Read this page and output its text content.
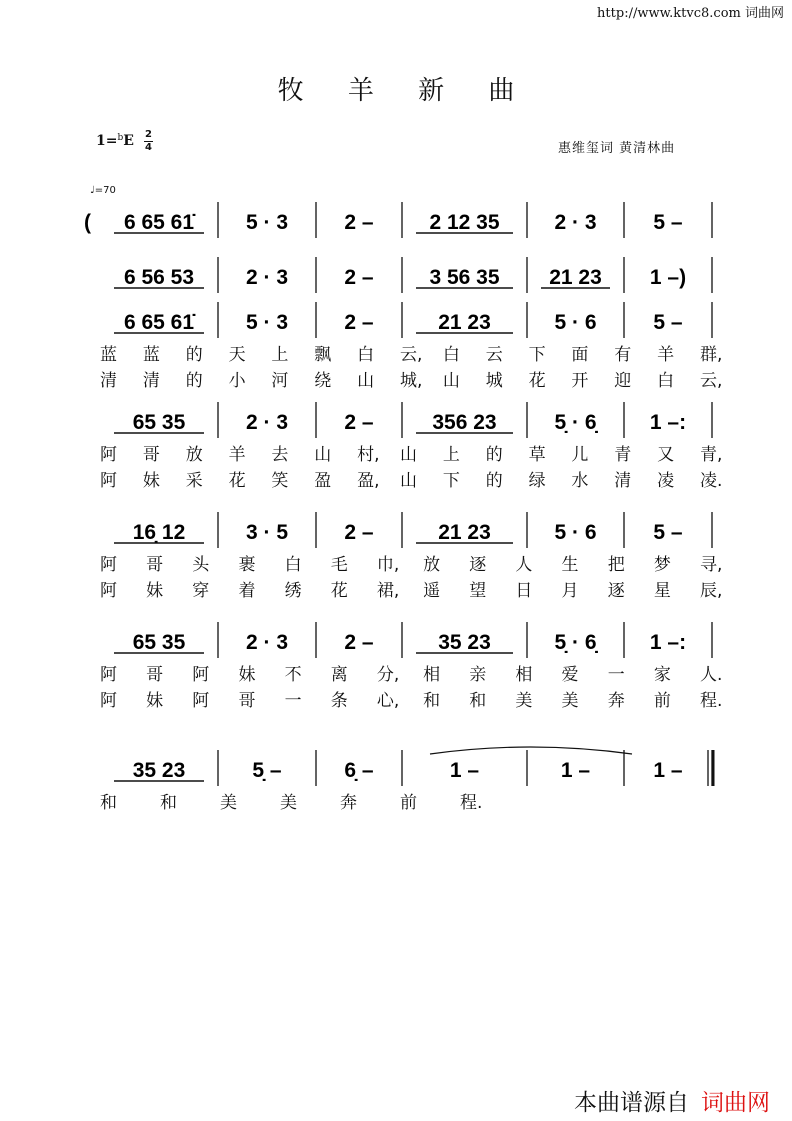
http://www.ktvc8.com 词曲网
牧 羊 新 曲
1=$^b$E 2
4	惠维玺词 黄清林曲
♩=70
( 6 65 61̇ 5 · 3	2 –	2 12 35	2 · 3	5 –
6 56 53 2 · 3	2 –	3 56 35 21 23 1 –)
6 65 61̇ 5 · 3	2 –	21 23	5 · 6	5 –
蓝 蓝 的 天 上 飘 白 云, 白 云 下 面 有 羊 群,
清 清 的 小 河 绕 山 城, 山 城 花 开 迎 白 云,
65 35	2 · 3	2 –	356 23	5̣ · 6̣	1 –:
阿 哥 放 羊 去 山 村, 山 上 的 草 儿 青 又 青,
阿 妹 采 花 笑 盈 盈, 山 下 的 绿 水 清 凌 凌.
16̣ 12	3 · 5	2 –	21 23	5 · 6	5 –
阿 哥 头 裹 白 毛 巾, 放 逐 人 生 把 梦 寻,
阿 妹 穿 着 绣 花 裙, 遥 望 日 月 逐 星 辰,
65 35	2 · 3	2 –	35 23	5̣ · 6̣	1 –:
阿 哥 阿 妹 不 离 分, 相 亲 相 爱 一 家 人.
阿 妹 阿 哥 一 条 心, 和 和 美 美 奔 前 程.
35 23	5̣ –	6̣ –	1 –	1 –	1 –
和	和	美	美	奔	前	程.
本曲谱源自 词曲网
